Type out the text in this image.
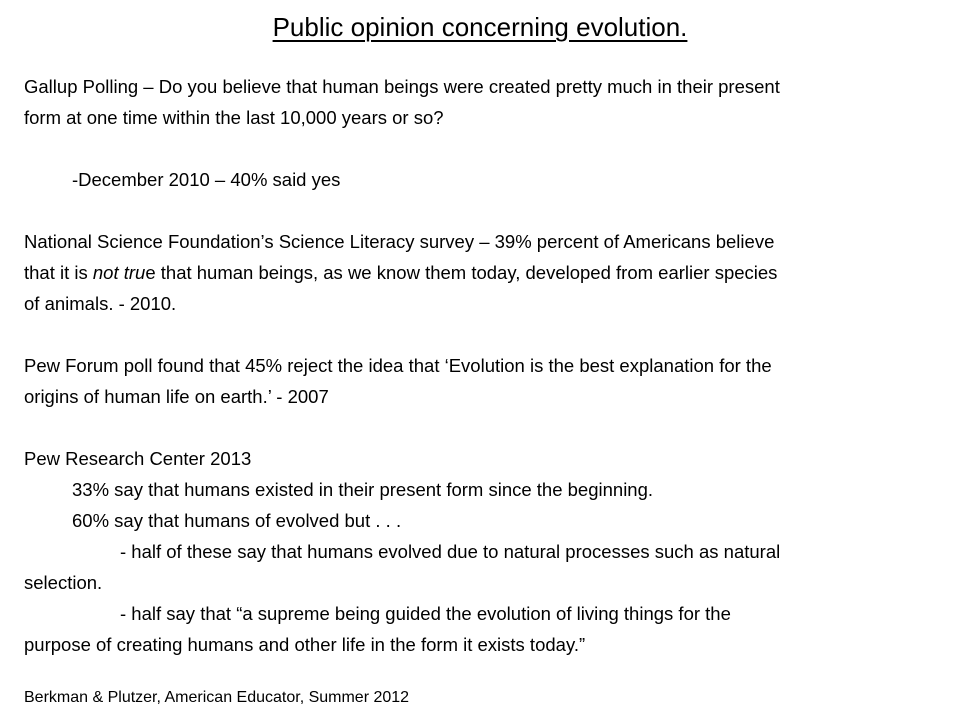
Public opinion concerning evolution.
Gallup Polling – Do you believe that human beings were created pretty much in their present
form at one time within the last 10,000 years or so?
-December 2010 – 40% said yes
National Science Foundation’s Science Literacy survey – 39% percent of Americans believe
that it is not true that human beings, as we know them today, developed from earlier species
of animals. - 2010.
Pew Forum poll found that 45% reject the idea that ‘Evolution is the best explanation for the
origins of human life on earth.’ - 2007
Pew Research Center 2013
33% say that humans existed in their present form since the beginning.
60% say that humans of evolved but . . .
- half of these say that humans evolved due to natural processes such as natural
selection.
- half say that “a supreme being guided the evolution of living things for the
purpose of creating humans and other life in the form it exists today.”
Berkman & Plutzer, American Educator, Summer 2012
